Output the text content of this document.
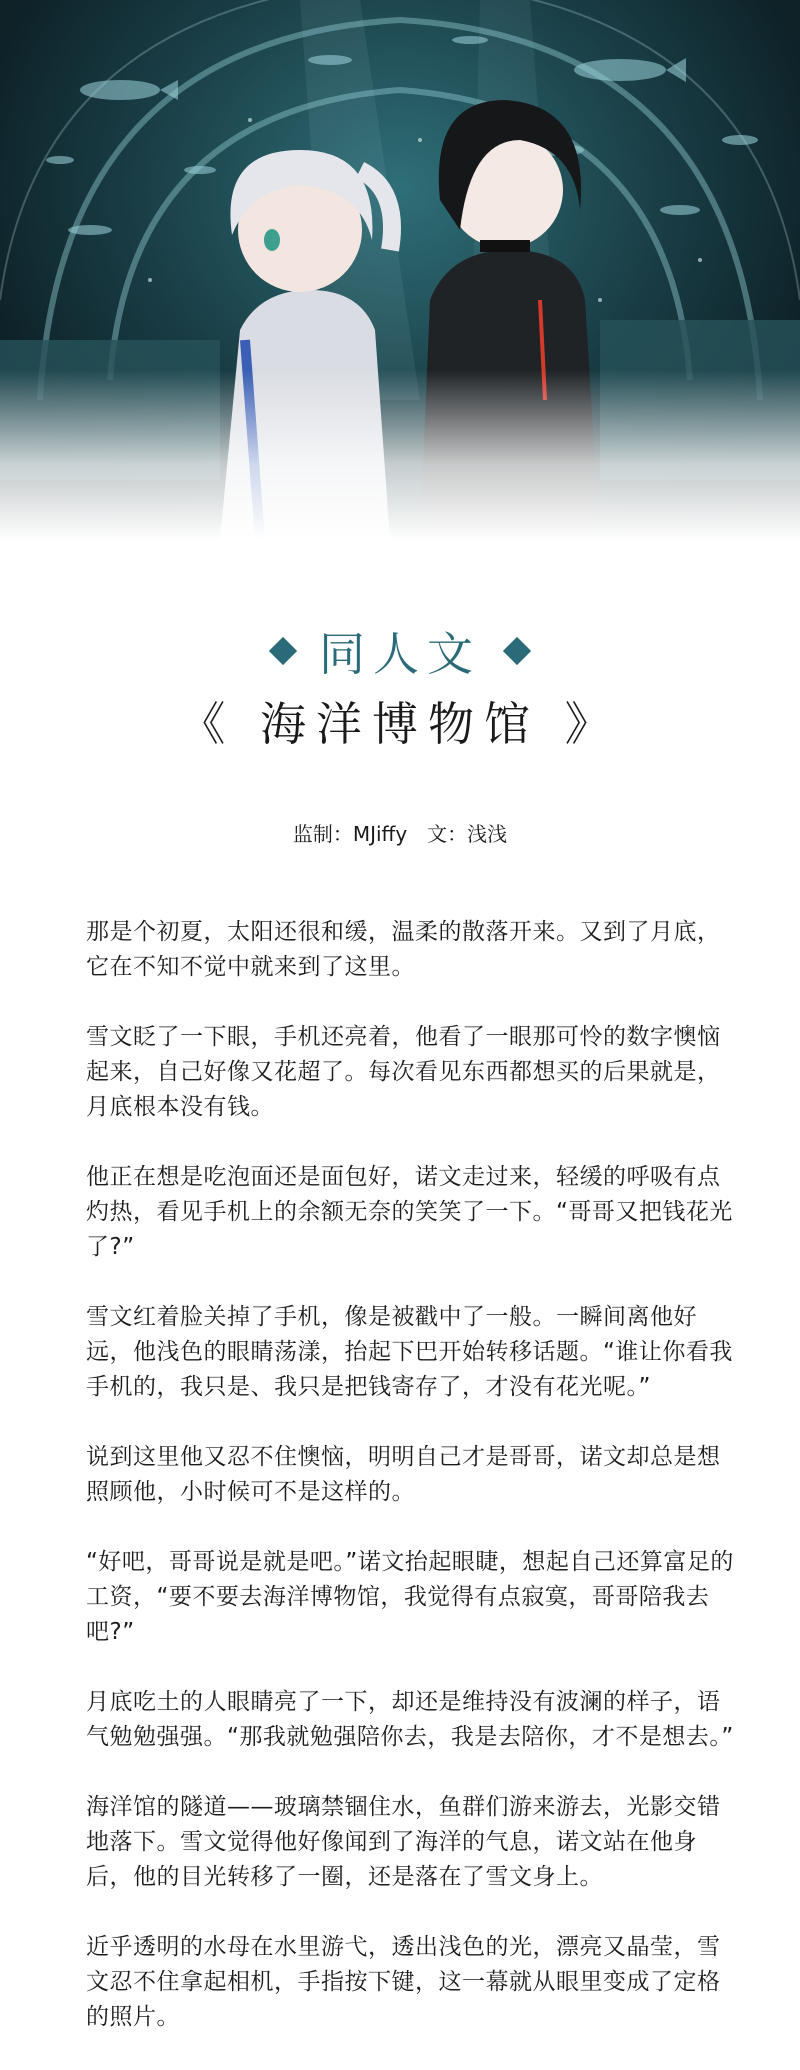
同人文
《 海洋博物馆 》
监制：MJiffy 文：浅浅

那是个初夏，太阳还很和缓，温柔的散落开来。又到了月底，它在不知不觉中就来到了这里。

雪文眨了一下眼，手机还亮着，他看了一眼那可怜的数字懊恼起来，自己好像又花超了。每次看见东西都想买的后果就是，月底根本没有钱。

他正在想是吃泡面还是面包好，诺文走过来，轻缓的呼吸有点灼热，看见手机上的余额无奈的笑笑了一下。“哥哥又把钱花光了?”

雪文红着脸关掉了手机，像是被戳中了一般。一瞬间离他好远，他浅色的眼睛荡漾，抬起下巴开始转移话题。“谁让你看我手机的，我只是、我只是把钱寄存了，才没有花光呢。”

说到这里他又忍不住懊恼，明明自己才是哥哥，诺文却总是想照顾他，小时候可不是这样的。

“好吧，哥哥说是就是吧。”诺文抬起眼睫，想起自己还算富足的工资，“要不要去海洋博物馆，我觉得有点寂寞，哥哥陪我去吧?”

月底吃土的人眼睛亮了一下，却还是维持没有波澜的样子，语气勉勉强强。“那我就勉强陪你去，我是去陪你，才不是想去。”

海洋馆的隧道——玻璃禁锢住水，鱼群们游来游去，光影交错地落下。雪文觉得他好像闻到了海洋的气息，诺文站在他身后，他的目光转移了一圈，还是落在了雪文身上。

近乎透明的水母在水里游弋，透出浅色的光，漂亮又晶莹，雪文忍不住拿起相机，手指按下键，这一幕就从眼里变成了定格的照片。
